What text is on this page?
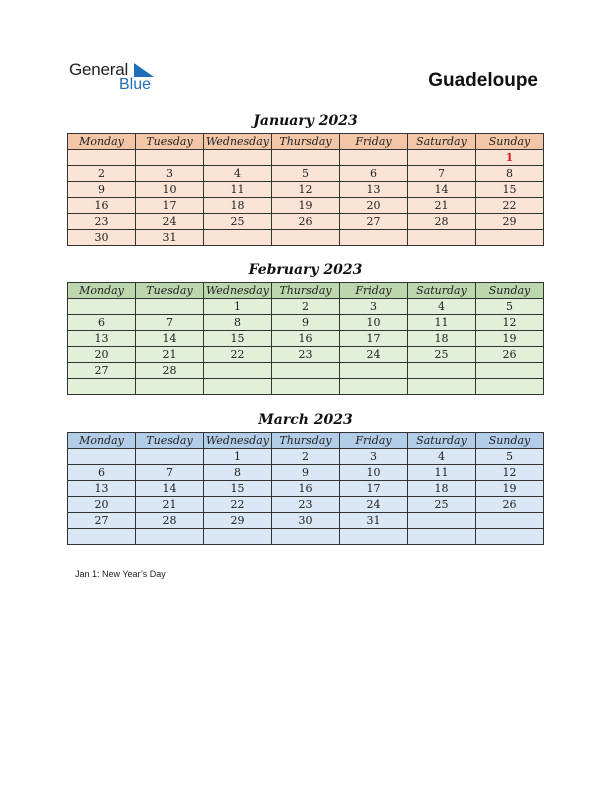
General
Blue	Guadeloupe
January 2023
Monday	Tuesday	Wednesday	Thursday	Friday	Saturday	Sunday
						1
2	3	4	5	6	7	8
9	10	11	12	13	14	15
16	17	18	19	20	21	22
23	24	25	26	27	28	29
30	31					
February 2023
Monday	Tuesday	Wednesday	Thursday	Friday	Saturday	Sunday
		1	2	3	4	5
6	7	8	9	10	11	12
13	14	15	16	17	18	19
20	21	22	23	24	25	26
27	28					

March 2023
Monday	Tuesday	Wednesday	Thursday	Friday	Saturday	Sunday
		1	2	3	4	5
6	7	8	9	10	11	12
13	14	15	16	17	18	19
20	21	22	23	24	25	26
27	28	29	30	31		

Jan 1: New Year’s Day
